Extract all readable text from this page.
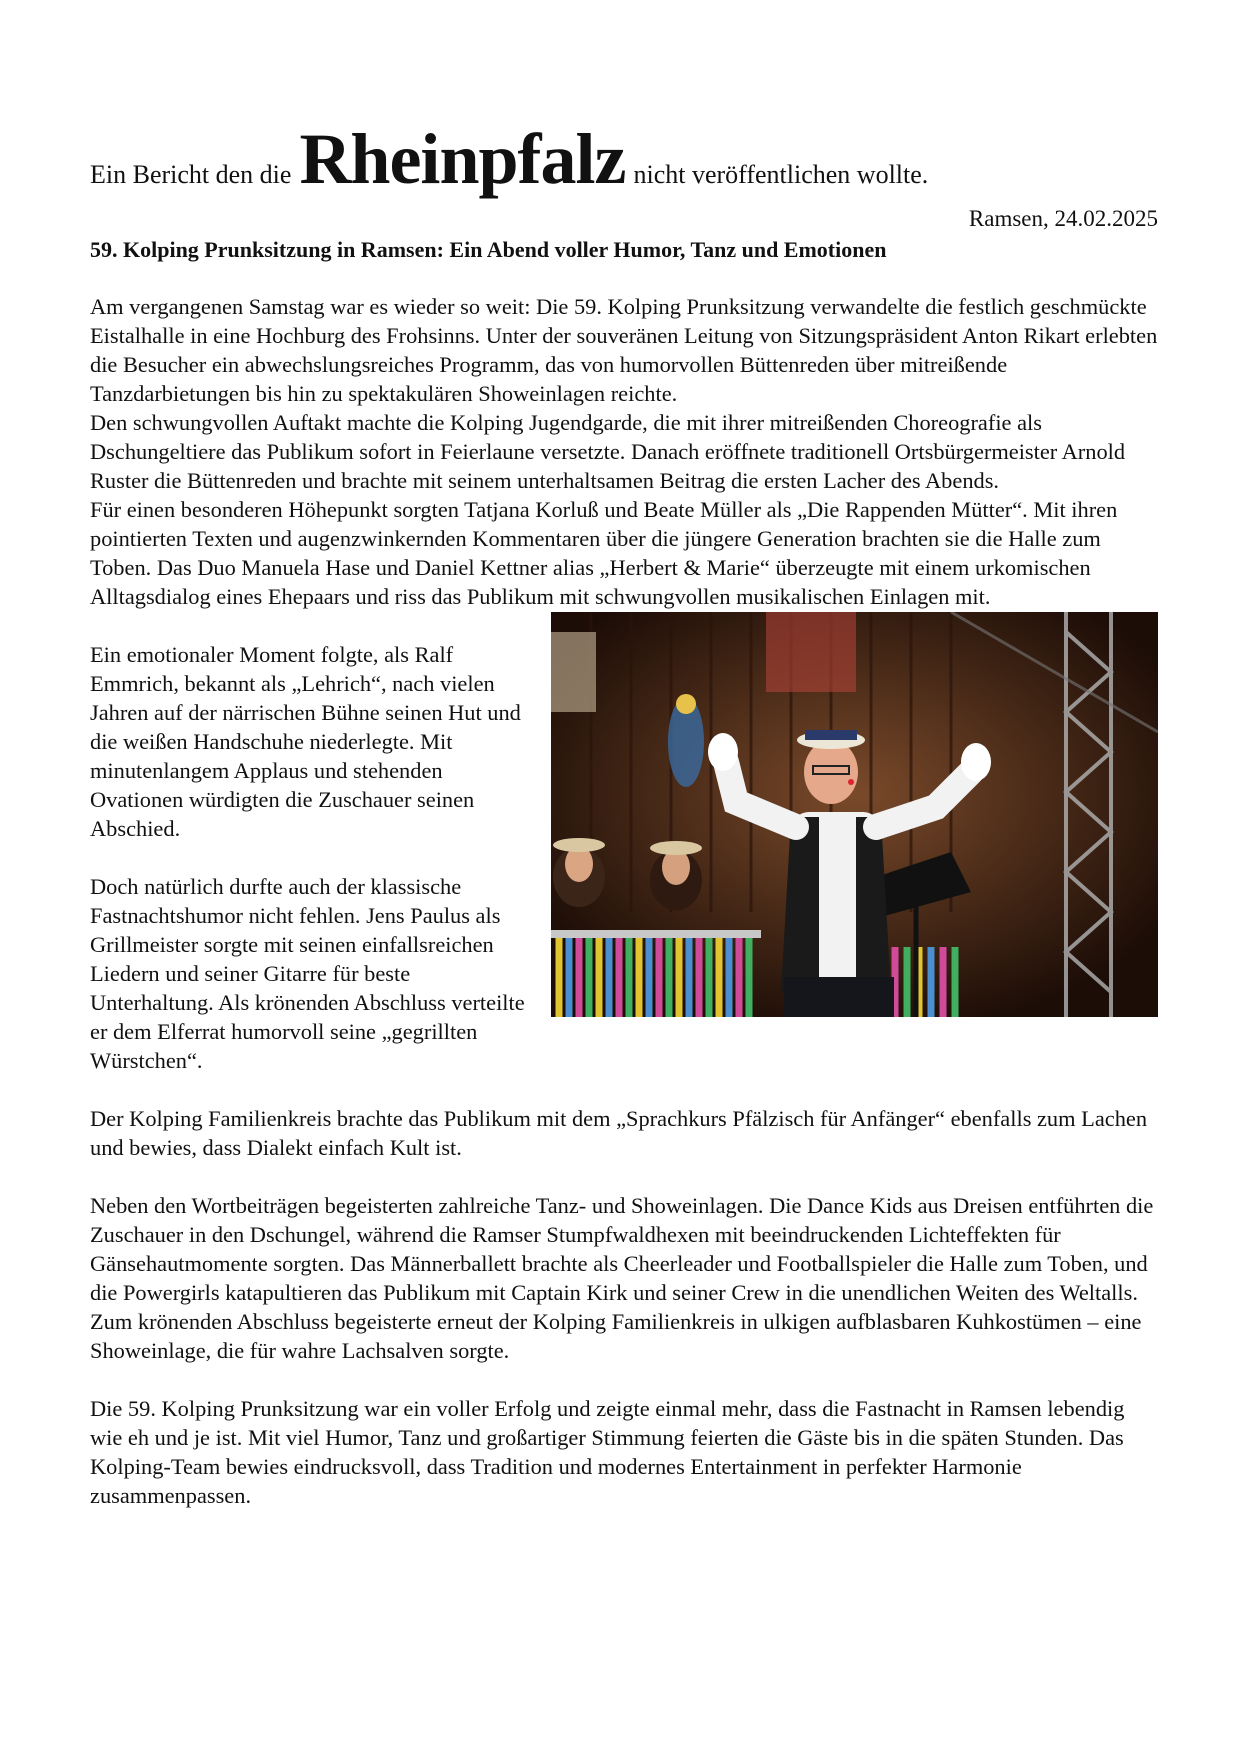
Ein Bericht den die Rheinpfalz nicht veröffentlichen wollte.
Ramsen, 24.02.2025
59. Kolping Prunksitzung in Ramsen: Ein Abend voller Humor, Tanz und Emotionen

Am vergangenen Samstag war es wieder so weit: Die 59. Kolping Prunksitzung verwandelte die festlich geschmückte Eistalhalle in eine Hochburg des Frohsinns. Unter der souveränen Leitung von Sitzungspräsident Anton Rikart erlebten die Besucher ein abwechslungsreiches Programm, das von humorvollen Büttenreden über mitreißende Tanzdarbietungen bis hin zu spektakulären Showeinlagen reichte.

Den schwungvollen Auftakt machte die Kolping Jugendgarde, die mit ihrer mitreißenden Choreografie als Dschungeltiere das Publikum sofort in Feierlaune versetzte. Danach eröffnete traditionell Ortsbürgermeister Arnold Ruster die Büttenreden und brachte mit seinem unterhaltsamen Beitrag die ersten Lacher des Abends.

Für einen besonderen Höhepunkt sorgten Tatjana Korluß und Beate Müller als „Die Rappenden Mütter“. Mit ihren pointierten Texten und augenzwinkernden Kommentaren über die jüngere Generation brachten sie die Halle zum Toben. Das Duo Manuela Hase und Daniel Kettner alias „Herbert & Marie“ überzeugte mit einem urkomischen Alltagsdialog eines Ehepaars und riss das Publikum mit schwungvollen musikalischen Einlagen mit.

Ein emotionaler Moment folgte, als Ralf Emmrich, bekannt als „Lehrich“, nach vielen Jahren auf der närrischen Bühne seinen Hut und die weißen Handschuhe niederlegte. Mit minutenlangem Applaus und stehenden Ovationen würdigten die Zuschauer seinen Abschied.

Doch natürlich durfte auch der klassische Fastnachtshumor nicht fehlen. Jens Paulus als Grillmeister sorgte mit seinen einfallsreichen Liedern und seiner Gitarre für beste Unterhaltung. Als krönenden Abschluss verteilte er dem Elferrat humorvoll seine „gegrillten Würstchen“.

Der Kolping Familienkreis brachte das Publikum mit dem „Sprachkurs Pfälzisch für Anfänger“ ebenfalls zum Lachen und bewies, dass Dialekt einfach Kult ist.

Neben den Wortbeiträgen begeisterten zahlreiche Tanz- und Showeinlagen. Die Dance Kids aus Dreisen entführten die Zuschauer in den Dschungel, während die Ramser Stumpfwaldhexen mit beeindruckenden Lichteffekten für Gänsehautmomente sorgten. Das Männerballett brachte als Cheerleader und Footballspieler die Halle zum Toben, und die Powergirls katapultieren das Publikum mit Captain Kirk und seiner Crew in die unendlichen Weiten des Weltalls. Zum krönenden Abschluss begeisterte erneut der Kolping Familienkreis in ulkigen aufblasbaren Kuhkostümen – eine Showeinlage, die für wahre Lachsalven sorgte.

Die 59. Kolping Prunksitzung war ein voller Erfolg und zeigte einmal mehr, dass die Fastnacht in Ramsen lebendig wie eh und je ist. Mit viel Humor, Tanz und großartiger Stimmung feierten die Gäste bis in die späten Stunden. Das Kolping-Team bewies eindrucksvoll, dass Tradition und modernes Entertainment in perfekter Harmonie zusammenpassen.
